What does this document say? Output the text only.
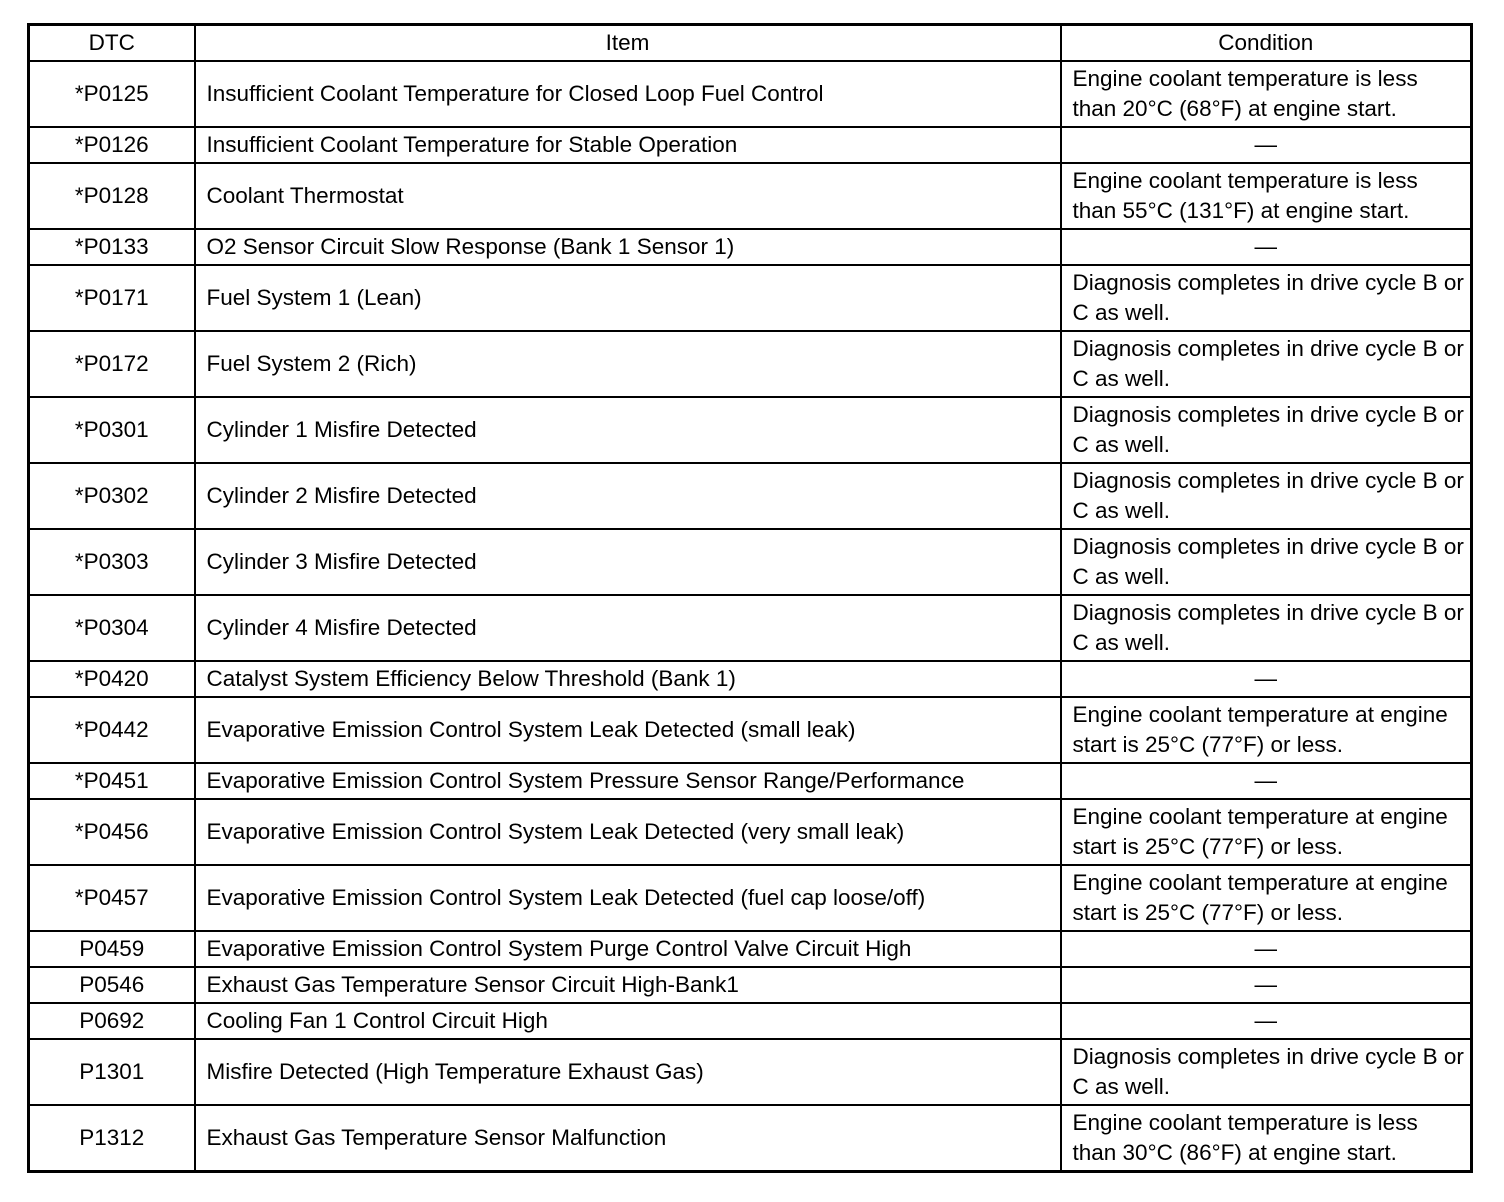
DTC	Item	Condition
*P0125	Insufficient Coolant Temperature for Closed Loop Fuel Control	Engine coolant temperature is less than 20°C (68°F) at engine start.
*P0126	Insufficient Coolant Temperature for Stable Operation	—
*P0128	Coolant Thermostat	Engine coolant temperature is less than 55°C (131°F) at engine start.
*P0133	O2 Sensor Circuit Slow Response (Bank 1 Sensor 1)	—
*P0171	Fuel System 1 (Lean)	Diagnosis completes in drive cycle B or C as well.
*P0172	Fuel System 2 (Rich)	Diagnosis completes in drive cycle B or C as well.
*P0301	Cylinder 1 Misfire Detected	Diagnosis completes in drive cycle B or C as well.
*P0302	Cylinder 2 Misfire Detected	Diagnosis completes in drive cycle B or C as well.
*P0303	Cylinder 3 Misfire Detected	Diagnosis completes in drive cycle B or C as well.
*P0304	Cylinder 4 Misfire Detected	Diagnosis completes in drive cycle B or C as well.
*P0420	Catalyst System Efficiency Below Threshold (Bank 1)	—
*P0442	Evaporative Emission Control System Leak Detected (small leak)	Engine coolant temperature at engine start is 25°C (77°F) or less.
*P0451	Evaporative Emission Control System Pressure Sensor Range/Performance	—
*P0456	Evaporative Emission Control System Leak Detected (very small leak)	Engine coolant temperature at engine start is 25°C (77°F) or less.
*P0457	Evaporative Emission Control System Leak Detected (fuel cap loose/off)	Engine coolant temperature at engine start is 25°C (77°F) or less.
P0459	Evaporative Emission Control System Purge Control Valve Circuit High	—
P0546	Exhaust Gas Temperature Sensor Circuit High-Bank1	—
P0692	Cooling Fan 1 Control Circuit High	—
P1301	Misfire Detected (High Temperature Exhaust Gas)	Diagnosis completes in drive cycle B or C as well.
P1312	Exhaust Gas Temperature Sensor Malfunction	Engine coolant temperature is less than 30°C (86°F) at engine start.
